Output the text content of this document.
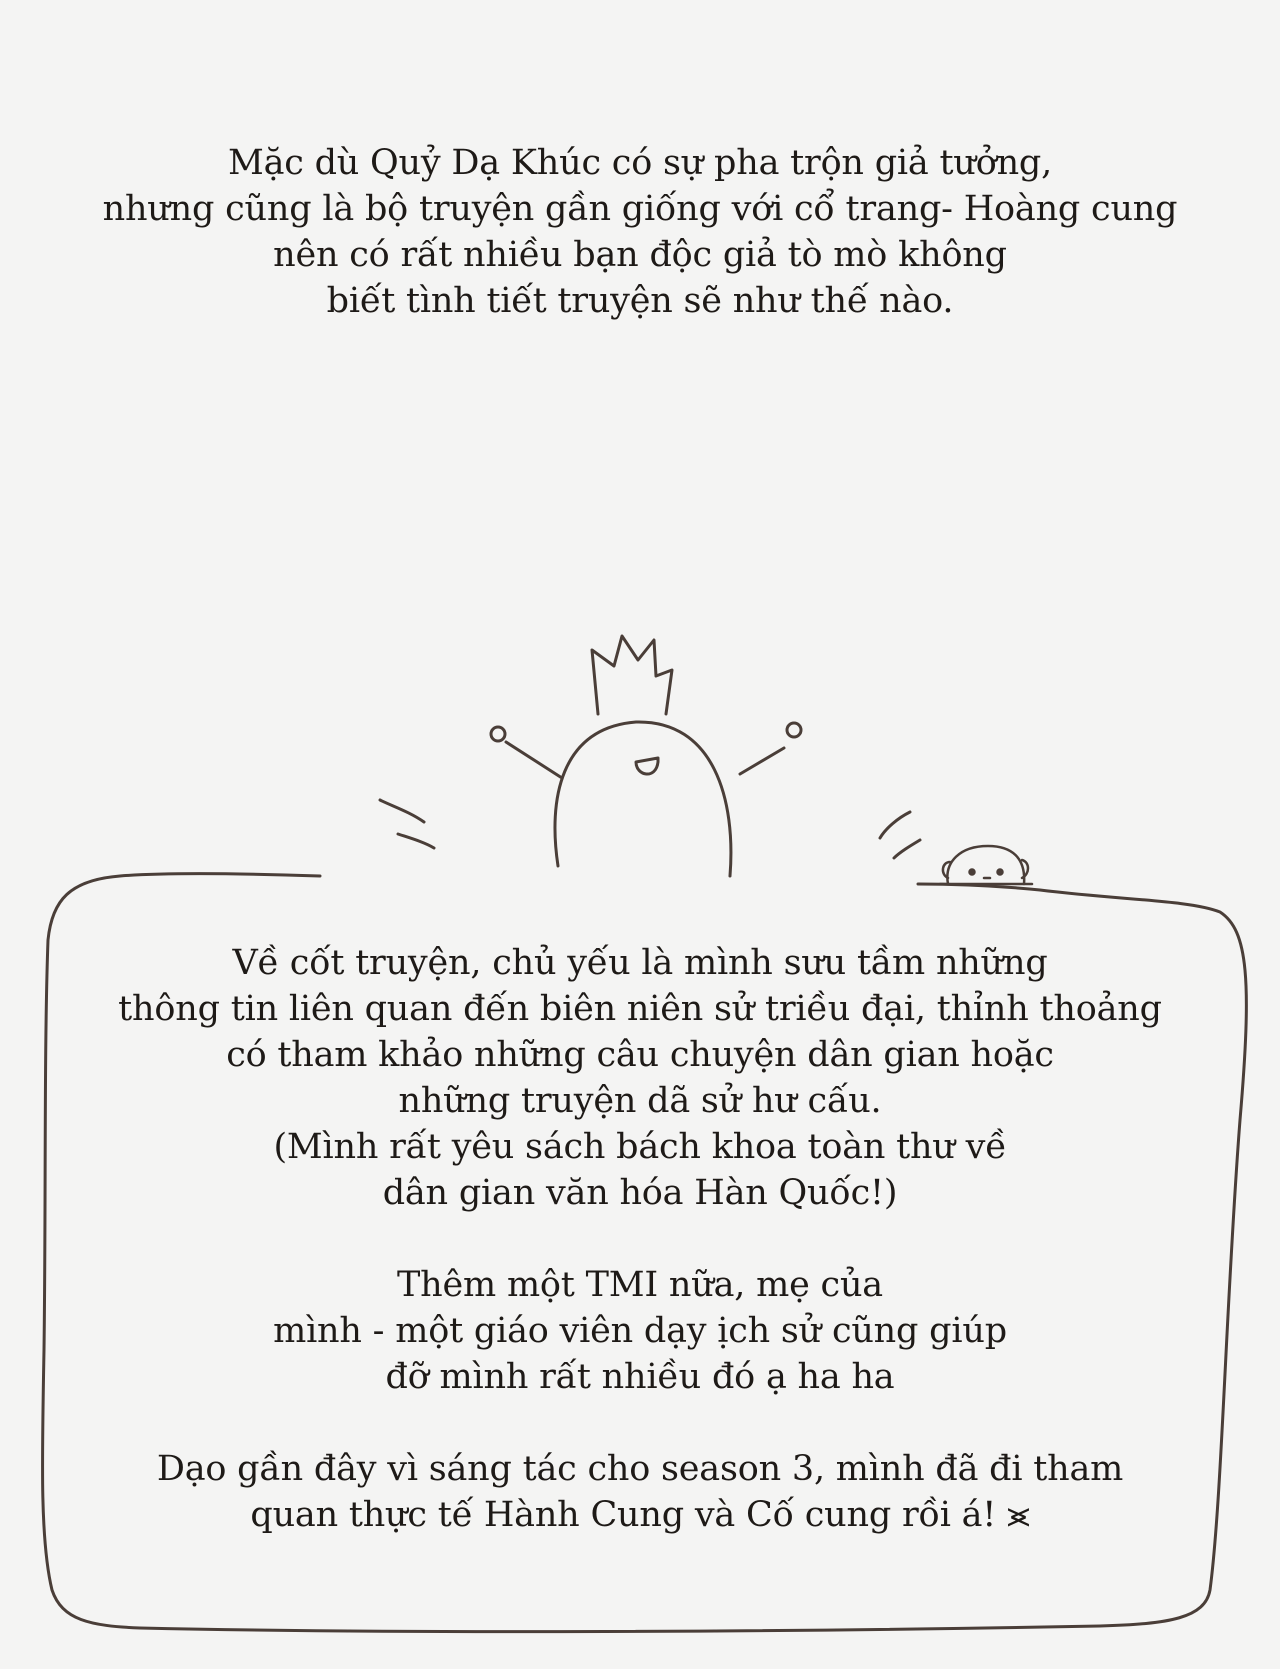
Mặc dù Quỷ Dạ Khúc có sự pha trộn giả tưởng,

nhưng cũng là bộ truyện gần giống với cổ trang- Hoàng cung

nên có rất nhiều bạn độc giả tò mò không

biết tình tiết truyện sẽ như thế nào.

Về cốt truyện, chủ yếu là mình sưu tầm những

thông tin liên quan đến biên niên sử triều đại, thỉnh thoảng

có tham khảo những câu chuyện dân gian hoặc

những truyện dã sử hư cấu.

(Mình rất yêu sách bách khoa toàn thư về

dân gian văn hóa Hàn Quốc!)

Thêm một TMI nữa, mẹ của

mình - một giáo viên dạy ịch sử cũng giúp

đỡ mình rất nhiều đó ạ ha ha

Dạo gần đây vì sáng tác cho season 3, mình đã đi tham

quan thực tế Hành Cung và Cố cung rồi á! ⪤
